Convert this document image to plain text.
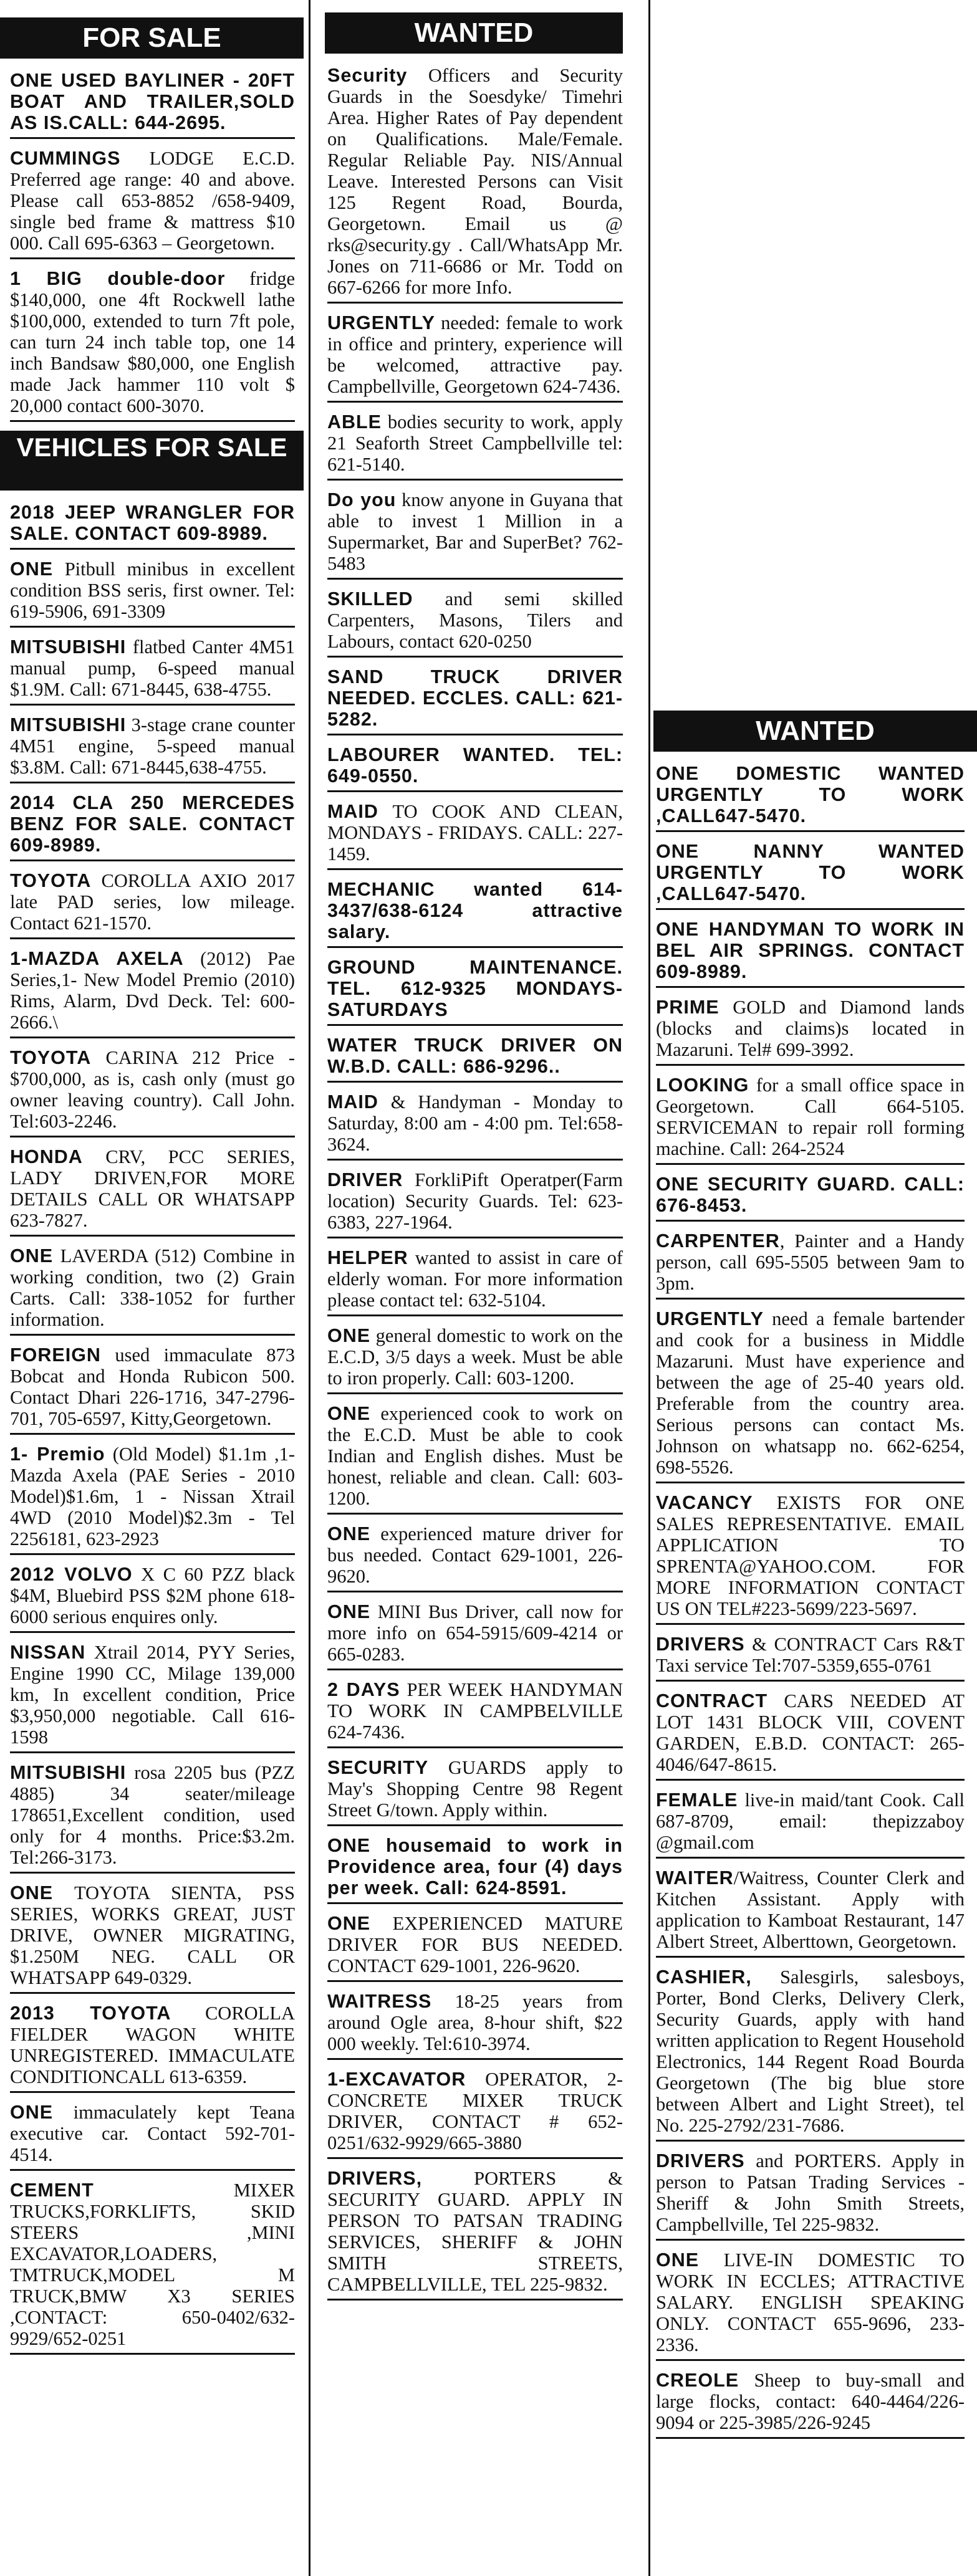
FOR SALE
ONE USED BAYLINER - 20FT BOAT AND TRAILER,SOLD AS IS.CALL: 644-2695.
CUMMINGS LODGE E.C.D. Preferred age range: 40 and above. Please call 653-8852 /658-9409, single bed frame & mattress $10 000. Call 695-6363 – Georgetown.
1 BIG double-door fridge $140,000, one 4ft Rockwell lathe $100,000, extended to turn 7ft pole, can turn 24 inch table top, one 14 inch Bandsaw $80,000, one English made Jack hammer 110 volt $ 20,000 contact 600-3070.
VEHICLES FOR SALE
2018 JEEP WRANGLER FOR SALE. CONTACT 609-8989.
ONE Pitbull minibus in excellent condition BSS seris, first owner. Tel: 619-5906, 691-3309
MITSUBISHI flatbed Canter 4M51 manual pump, 6-speed manual $1.9M. Call: 671-8445, 638-4755.
MITSUBISHI 3-stage crane counter 4M51 engine, 5-speed manual $3.8M. Call: 671-8445,638-4755.
2014 CLA 250 MERCEDES BENZ FOR SALE. CONTACT 609-8989.
TOYOTA COROLLA AXIO 2017 late PAD series, low mileage. Contact 621-1570.
1-MAZDA AXELA (2012) Pae Series,1- New Model Premio (2010) Rims, Alarm, Dvd Deck. Tel: 600-2666.\
TOYOTA CARINA 212 Price - $700,000, as is, cash only (must go owner leaving country). Call John. Tel:603-2246.
HONDA CRV, PCC SERIES, LADY DRIVEN,FOR MORE DETAILS CALL OR WHATSAPP 623-7827.
ONE LAVERDA (512) Combine in working condition, two (2) Grain Carts. Call: 338-1052 for further information.
FOREIGN used immaculate 873 Bobcat and Honda Rubicon 500. Contact Dhari 226-1716, 347-2796-701, 705-6597, Kitty,Georgetown.
1- Premio (Old Model) $1.1m ,1- Mazda Axela (PAE Series - 2010 Model)$1.6m, 1 - Nissan Xtrail 4WD (2010 Model)$2.3m - Tel 2256181, 623-2923
2012 VOLVO X C 60 PZZ black $4M, Bluebird PSS $2M phone 618-6000 serious enquires only.
NISSAN Xtrail 2014, PYY Series, Engine 1990 CC, Milage 139,000 km, In excellent condition, Price $3,950,000 negotiable. Call 616-1598
MITSUBISHI rosa 2205 bus (PZZ 4885) 34 seater/mileage 178651,Excellent condition, used only for 4 months. Price:$3.2m. Tel:266-3173.
ONE TOYOTA SIENTA, PSS SERIES, WORKS GREAT, JUST DRIVE, OWNER MIGRATING, $1.250M NEG. CALL OR WHATSAPP 649-0329.
2013 TOYOTA COROLLA FIELDER WAGON WHITE UNREGISTERED. IMMACULATE CONDITIONCALL 613-6359.
ONE immaculately kept Teana executive car. Contact 592-701-4514.
CEMENT MIXER TRUCKS,FORKLIFTS, SKID STEERS ,MINI EXCAVATOR,LOADERS, TMTRUCK,MODEL M TRUCK,BMW X3 SERIES ,CONTACT: 650-0402/632-9929/652-0251
WANTED
Security Officers and Security Guards in the Soesdyke/ Timehri Area. Higher Rates of Pay dependent on Qualifications. Male/Female. Regular Reliable Pay. NIS/Annual Leave. Interested Persons can Visit 125 Regent Road, Bourda, Georgetown. Email us @ rks@security.gy . Call/WhatsApp Mr. Jones on 711-6686 or Mr. Todd on 667-6266 for more Info.
URGENTLY needed: female to work in office and printery, experience will be welcomed, attractive pay. Campbellville, Georgetown 624-7436.
ABLE bodies security to work, apply 21 Seaforth Street Campbellville tel: 621-5140.
Do you know anyone in Guyana that able to invest 1 Million in a Supermarket, Bar and SuperBet? 762-5483
SKILLED and semi skilled Carpenters, Masons, Tilers and Labours, contact 620-0250
SAND TRUCK DRIVER NEEDED. ECCLES. CALL: 621-5282.
LABOURER WANTED. TEL: 649-0550.
MAID TO COOK AND CLEAN, MONDAYS - FRIDAYS. CALL: 227-1459.
MECHANIC wanted 614-3437/638-6124 attractive salary.
GROUND MAINTENANCE. TEL. 612-9325 MONDAYS-SATURDAYS
WATER TRUCK DRIVER ON W.B.D. CALL: 686-9296..
MAID & Handyman - Monday to Saturday, 8:00 am - 4:00 pm. Tel:658-3624.
DRIVER ForkliPift Operatper(Farm location) Security Guards. Tel: 623-6383, 227-1964.
HELPER wanted to assist in care of elderly woman. For more information please contact tel: 632-5104.
ONE general domestic to work on the E.C.D, 3/5 days a week. Must be able to iron properly. Call: 603-1200.
ONE experienced cook to work on the E.C.D. Must be able to cook Indian and English dishes. Must be honest, reliable and clean. Call: 603-1200.
ONE experienced mature driver for bus needed. Contact 629-1001, 226-9620.
ONE MINI Bus Driver, call now for more info on 654-5915/609-4214 or 665-0283.
2 DAYS PER WEEK HANDYMAN TO WORK IN CAMPBELVILLE 624-7436.
SECURITY GUARDS apply to May's Shopping Centre 98 Regent Street G/town. Apply within.
ONE housemaid to work in Providence area, four (4) days per week. Call: 624-8591.
ONE EXPERIENCED MATURE DRIVER FOR BUS NEEDED. CONTACT 629-1001, 226-9620.
WAITRESS 18-25 years from around Ogle area, 8-hour shift, $22 000 weekly. Tel:610-3974.
1-EXCAVATOR OPERATOR, 2- CONCRETE MIXER TRUCK DRIVER, CONTACT # 652-0251/632-9929/665-3880
DRIVERS, PORTERS & SECURITY GUARD. APPLY IN PERSON TO PATSAN TRADING SERVICES, SHERIFF & JOHN SMITH STREETS, CAMPBELLVILLE, TEL 225-9832.
WANTED
ONE DOMESTIC WANTED URGENTLY TO WORK ,CALL647-5470.
ONE NANNY WANTED URGENTLY TO WORK ,CALL647-5470.
ONE HANDYMAN TO WORK IN BEL AIR SPRINGS. CONTACT 609-8989.
PRIME GOLD and Diamond lands (blocks and claims)s located in Mazaruni. Tel# 699-3992.
LOOKING for a small office space in Georgetown. Call 664-5105. SERVICEMAN to repair roll forming machine. Call: 264-2524
ONE SECURITY GUARD. CALL: 676-8453.
CARPENTER, Painter and a Handy person, call 695-5505 between 9am to 3pm.
URGENTLY need a female bartender and cook for a business in Middle Mazaruni. Must have experience and between the age of 25-40 years old. Preferable from the country area. Serious persons can contact Ms. Johnson on whatsapp no. 662-6254, 698-5526.
VACANCY EXISTS FOR ONE SALES REPRESENTATIVE. EMAIL APPLICATION TO SPRENTA@YAHOO.COM. FOR MORE INFORMATION CONTACT US ON TEL#223-5699/223-5697.
DRIVERS & CONTRACT Cars R&T Taxi service Tel:707-5359,655-0761
CONTRACT CARS NEEDED AT LOT 1431 BLOCK VIII, COVENT GARDEN, E.B.D. CONTACT: 265-4046/647-8615.
FEMALE live-in maid/tant Cook. Call 687-8709, email: thepizzaboy @gmail.com
WAITER/Waitress, Counter Clerk and Kitchen Assistant. Apply with application to Kamboat Restaurant, 147 Albert Street, Alberttown, Georgetown.
CASHIER, Salesgirls, salesboys, Porter, Bond Clerks, Delivery Clerk, Security Guards, apply with hand written application to Regent Household Electronics, 144 Regent Road Bourda Georgetown (The big blue store between Albert and Light Street), tel No. 225-2792/231-7686.
DRIVERS and PORTERS. Apply in person to Patsan Trading Services - Sheriff & John Smith Streets, Campbellville, Tel 225-9832.
ONE LIVE-IN DOMESTIC TO WORK IN ECCLES; ATTRACTIVE SALARY. ENGLISH SPEAKING ONLY. CONTACT 655-9696, 233-2336.
CREOLE Sheep to buy-small and large flocks, contact: 640-4464/226-9094 or 225-3985/226-9245
